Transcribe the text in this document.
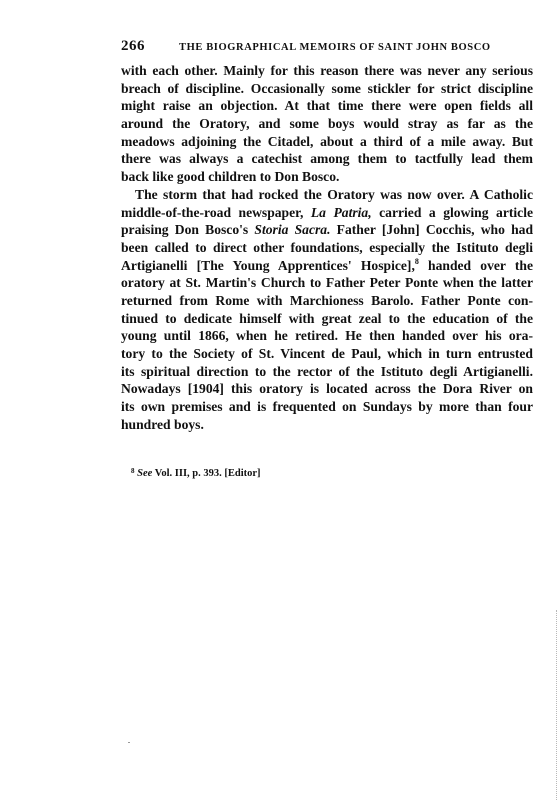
266	THE BIOGRAPHICAL MEMOIRS OF SAINT JOHN BOSCO
with each other. Mainly for this reason there was never any serious
breach of discipline. Occasionally some stickler for strict discipline
might raise an objection. At that time there were open fields all
around the Oratory, and some boys would stray as far as the
meadows adjoining the Citadel, about a third of a mile away. But
there was always a catechist among them to tactfully lead them
back like good children to Don Bosco.
The storm that had rocked the Oratory was now over. A Catholic
middle-of-the-road newspaper, La Patria, carried a glowing article
praising Don Bosco's Storia Sacra. Father [John] Cocchis, who had
been called to direct other foundations, especially the Istituto degli
Artigianelli [The Young Apprentices' Hospice],$^8$ handed over the
oratory at St. Martin's Church to Father Peter Ponte when the latter
returned from Rome with Marchioness Barolo. Father Ponte con-
tinued to dedicate himself with great zeal to the education of the
young until 1866, when he retired. He then handed over his ora-
tory to the Society of St. Vincent de Paul, which in turn entrusted
its spiritual direction to the rector of the Istituto degli Artigianelli.
Nowadays [1904] this oratory is located across the Dora River on
its own premises and is frequented on Sundays by more than four
hundred boys.
$^8$ See Vol. III, p. 393. [Editor]
